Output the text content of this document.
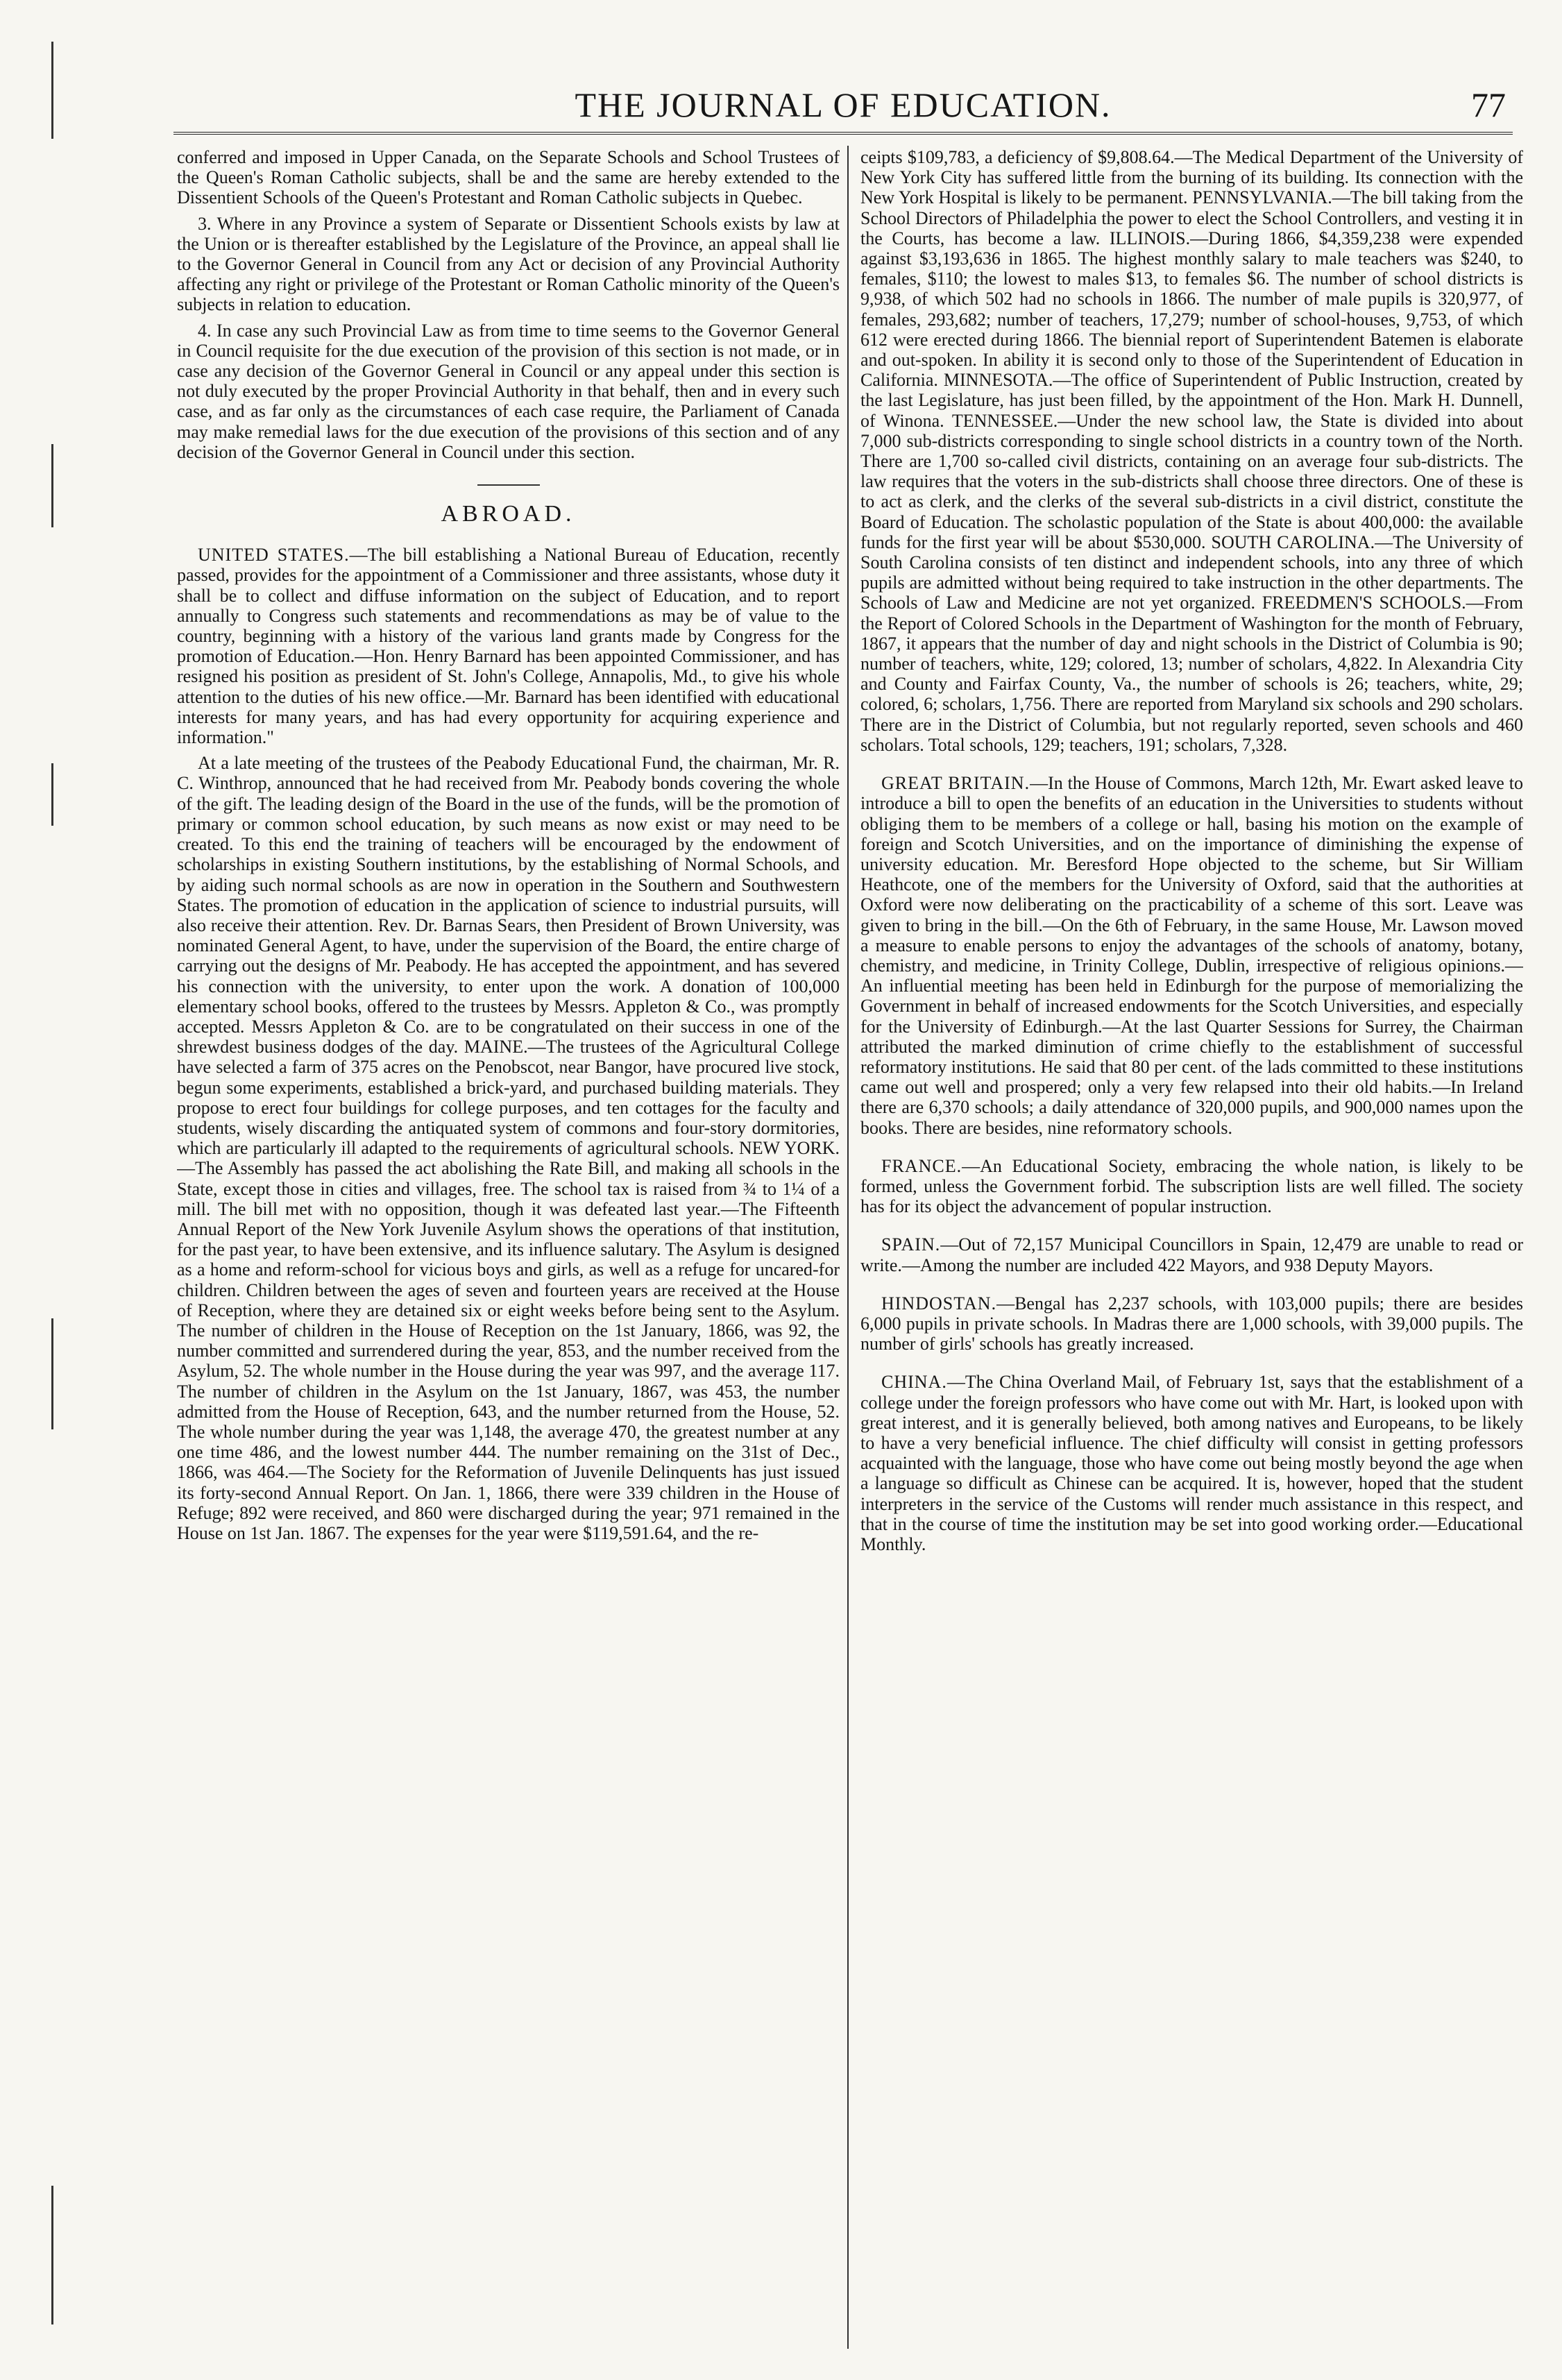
THE JOURNAL OF EDUCATION.	77

conferred and imposed in Upper Canada, on the Separate Schools and School Trustees of the Queen's Roman Catholic subjects, shall be and the same are hereby extended to the Dissentient Schools of the Queen's Protestant and Roman Catholic subjects in Quebec.

3. Where in any Province a system of Separate or Dissentient Schools exists by law at the Union or is thereafter established by the Legislature of the Province, an appeal shall lie to the Governor General in Council from any Act or decision of any Provincial Authority affecting any right or privilege of the Protestant or Roman Catholic minority of the Queen's subjects in relation to education.

4. In case any such Provincial Law as from time to time seems to the Governor General in Council requisite for the due execution of the provision of this section is not made, or in case any decision of the Governor General in Council or any appeal under this section is not duly executed by the proper Provincial Authority in that behalf, then and in every such case, and as far only as the circumstances of each case require, the Parliament of Canada may make remedial laws for the due execution of the provisions of this section and of any decision of the Governor General in Council under this section.

ABROAD.

UNITED STATES.—The bill establishing a National Bureau of Education, recently passed, provides for the appointment of a Commissioner and three assistants, whose duty it shall be to collect and diffuse information on the subject of Education, and to report annually to Congress such statements and recommendations as may be of value to the country, beginning with a history of the various land grants made by Congress for the promotion of Education.—Hon. Henry Barnard has been appointed Commissioner, and has resigned his position as president of St. John's College, Annapolis, Md., to give his whole attention to the duties of his new office.—Mr. Barnard has been identified with educational interests for many years, and has had every opportunity for acquiring experience and information."

At a late meeting of the trustees of the Peabody Educational Fund, the chairman, Mr. R. C. Winthrop, announced that he had received from Mr. Peabody bonds covering the whole of the gift. The leading design of the Board in the use of the funds, will be the promotion of primary or common school education, by such means as now exist or may need to be created. To this end the training of teachers will be encouraged by the endowment of scholarships in existing Southern institutions, by the establishing of Normal Schools, and by aiding such normal schools as are now in operation in the Southern and Southwestern States. The promotion of education in the application of science to industrial pursuits, will also receive their attention. Rev. Dr. Barnas Sears, then President of Brown University, was nominated General Agent, to have, under the supervision of the Board, the entire charge of carrying out the designs of Mr. Peabody. He has accepted the appointment, and has severed his connection with the university, to enter upon the work. A donation of 100,000 elementary school books, offered to the trustees by Messrs. Appleton & Co., was promptly accepted. Messrs Appleton & Co. are to be congratulated on their success in one of the shrewdest business dodges of the day. MAINE.—The trustees of the Agricultural College have selected a farm of 375 acres on the Penobscot, near Bangor, have procured live stock, begun some experiments, established a brick-yard, and purchased building materials. They propose to erect four buildings for college purposes, and ten cottages for the faculty and students, wisely discarding the antiquated system of commons and four-story dormitories, which are particularly ill adapted to the requirements of agricultural schools. NEW YORK.—The Assembly has passed the act abolishing the Rate Bill, and making all schools in the State, except those in cities and villages, free. The school tax is raised from ¾ to 1¼ of a mill. The bill met with no opposition, though it was defeated last year.—The Fifteenth Annual Report of the New York Juvenile Asylum shows the operations of that institution, for the past year, to have been extensive, and its influence salutary. The Asylum is designed as a home and reform-school for vicious boys and girls, as well as a refuge for uncared-for children. Children between the ages of seven and fourteen years are received at the House of Reception, where they are detained six or eight weeks before being sent to the Asylum. The number of children in the House of Reception on the 1st January, 1866, was 92, the number committed and surrendered during the year, 853, and the number received from the Asylum, 52. The whole number in the House during the year was 997, and the average 117. The number of children in the Asylum on the 1st January, 1867, was 453, the number admitted from the House of Reception, 643, and the number returned from the House, 52. The whole number during the year was 1,148, the average 470, the greatest number at any one time 486, and the lowest number 444. The number remaining on the 31st of Dec., 1866, was 464.—The Society for the Reformation of Juvenile Delinquents has just issued its forty-second Annual Report. On Jan. 1, 1866, there were 339 children in the House of Refuge; 892 were received, and 860 were discharged during the year; 971 remained in the House on 1st Jan. 1867. The expenses for the year were $119,591.64, and the re-

ceipts $109,783, a deficiency of $9,808.64.—The Medical Department of the University of New York City has suffered little from the burning of its building. Its connection with the New York Hospital is likely to be permanent. PENNSYLVANIA.—The bill taking from the School Directors of Philadelphia the power to elect the School Controllers, and vesting it in the Courts, has become a law. ILLINOIS.—During 1866, $4,359,238 were expended against $3,193,636 in 1865. The highest monthly salary to male teachers was $240, to females, $110; the lowest to males $13, to females $6. The number of school districts is 9,938, of which 502 had no schools in 1866. The number of male pupils is 320,977, of females, 293,682; number of teachers, 17,279; number of school-houses, 9,753, of which 612 were erected during 1866. The biennial report of Superintendent Batemen is elaborate and out-spoken. In ability it is second only to those of the Superintendent of Education in California. MINNESOTA.—The office of Superintendent of Public Instruction, created by the last Legislature, has just been filled, by the appointment of the Hon. Mark H. Dunnell, of Winona. TENNESSEE.—Under the new school law, the State is divided into about 7,000 sub-districts corresponding to single school districts in a country town of the North. There are 1,700 so-called civil districts, containing on an average four sub-districts. The law requires that the voters in the sub-districts shall choose three directors. One of these is to act as clerk, and the clerks of the several sub-districts in a civil district, constitute the Board of Education. The scholastic population of the State is about 400,000: the available funds for the first year will be about $530,000. SOUTH CAROLINA.—The University of South Carolina consists of ten distinct and independent schools, into any three of which pupils are admitted without being required to take instruction in the other departments. The Schools of Law and Medicine are not yet organized. FREEDMEN'S SCHOOLS.—From the Report of Colored Schools in the Department of Washington for the month of February, 1867, it appears that the number of day and night schools in the District of Columbia is 90; number of teachers, white, 129; colored, 13; number of scholars, 4,822. In Alexandria City and County and Fairfax County, Va., the number of schools is 26; teachers, white, 29; colored, 6; scholars, 1,756. There are reported from Maryland six schools and 290 scholars. There are in the District of Columbia, but not regularly reported, seven schools and 460 scholars. Total schools, 129; teachers, 191; scholars, 7,328.

GREAT BRITAIN.—In the House of Commons, March 12th, Mr. Ewart asked leave to introduce a bill to open the benefits of an education in the Universities to students without obliging them to be members of a college or hall, basing his motion on the example of foreign and Scotch Universities, and on the importance of diminishing the expense of university education. Mr. Beresford Hope objected to the scheme, but Sir William Heathcote, one of the members for the University of Oxford, said that the authorities at Oxford were now deliberating on the practicability of a scheme of this sort. Leave was given to bring in the bill.—On the 6th of February, in the same House, Mr. Lawson moved a measure to enable persons to enjoy the advantages of the schools of anatomy, botany, chemistry, and medicine, in Trinity College, Dublin, irrespective of religious opinions.—An influential meeting has been held in Edinburgh for the purpose of memorializing the Government in behalf of increased endowments for the Scotch Universities, and especially for the University of Edinburgh.—At the last Quarter Sessions for Surrey, the Chairman attributed the marked diminution of crime chiefly to the establishment of successful reformatory institutions. He said that 80 per cent. of the lads committed to these institutions came out well and prospered; only a very few relapsed into their old habits.—In Ireland there are 6,370 schools; a daily attendance of 320,000 pupils, and 900,000 names upon the books. There are besides, nine reformatory schools.

FRANCE.—An Educational Society, embracing the whole nation, is likely to be formed, unless the Government forbid. The subscription lists are well filled. The society has for its object the advancement of popular instruction.

SPAIN.—Out of 72,157 Municipal Councillors in Spain, 12,479 are unable to read or write.—Among the number are included 422 Mayors, and 938 Deputy Mayors.

HINDOSTAN.—Bengal has 2,237 schools, with 103,000 pupils; there are besides 6,000 pupils in private schools. In Madras there are 1,000 schools, with 39,000 pupils. The number of girls' schools has greatly increased.

CHINA.—The China Overland Mail, of February 1st, says that the establishment of a college under the foreign professors who have come out with Mr. Hart, is looked upon with great interest, and it is generally believed, both among natives and Europeans, to be likely to have a very beneficial influence. The chief difficulty will consist in getting professors acquainted with the language, those who have come out being mostly beyond the age when a language so difficult as Chinese can be acquired. It is, however, hoped that the student interpreters in the service of the Customs will render much assistance in this respect, and that in the course of time the institution may be set into good working order.—Educational Monthly.
